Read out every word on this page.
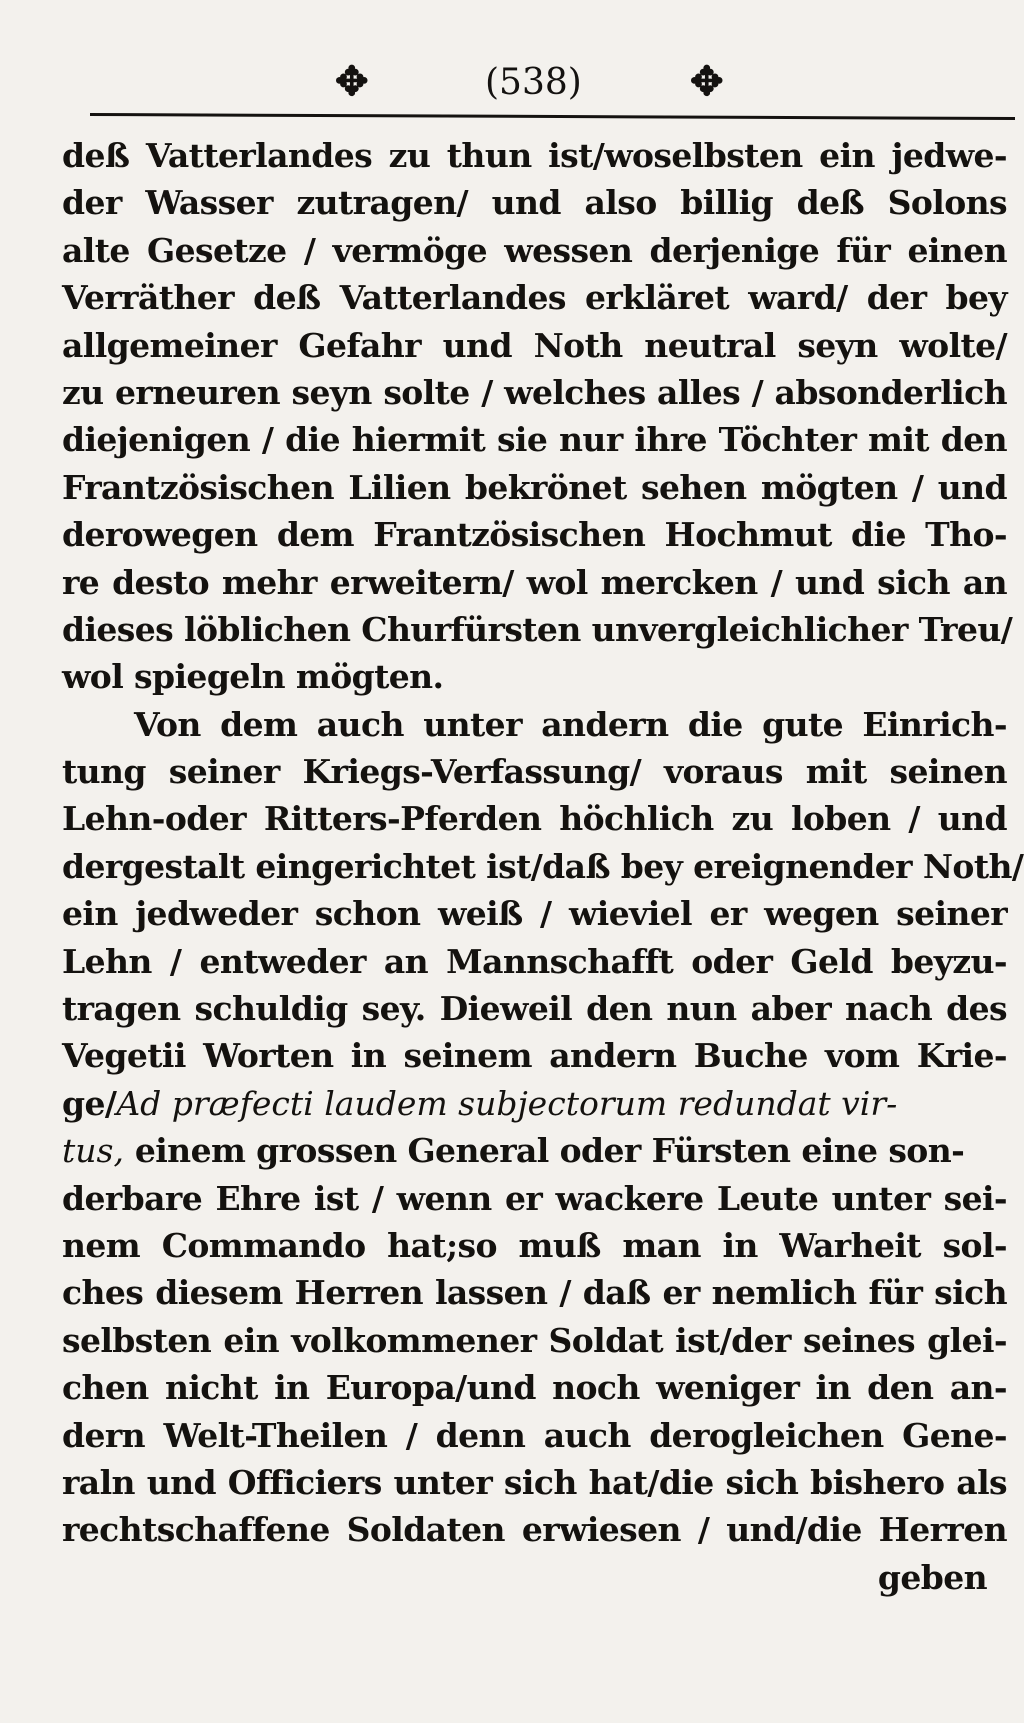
✥	(538)	✥
deß Vatterlandes zu thun ist/woselbsten ein jedwe-
der Wasser zutragen/ und also billig deß Solons
alte Gesetze / vermöge wessen derjenige für einen
Verräther deß Vatterlandes erkläret ward/ der bey
allgemeiner Gefahr und Noth neutral seyn wolte/
zu erneuren seyn solte / welches alles / absonderlich
diejenigen / die hiermit sie nur ihre Töchter mit den
Frantzösischen Lilien bekrönet sehen mögten / und
derowegen dem Frantzösischen Hochmut die Tho-
re desto mehr erweitern/ wol mercken / und sich an
dieses löblichen Churfürsten unvergleichlicher Treu/
wol spiegeln mögten.
Von dem auch unter andern die gute Einrich-
tung seiner Kriegs-Verfassung/ voraus mit seinen
Lehn-oder Ritters-Pferden höchlich zu loben / und
dergestalt eingerichtet ist/daß bey ereignender Noth/
ein jedweder schon weiß / wieviel er wegen seiner
Lehn / entweder an Mannschafft oder Geld beyzu-
tragen schuldig sey. Dieweil den nun aber nach des
Vegetii Worten in seinem andern Buche vom Krie-
ge/Ad præfecti laudem subjectorum redundat vir-
tus, einem grossen General oder Fürsten eine son-
derbare Ehre ist / wenn er wackere Leute unter sei-
nem Commando hat;so muß man in Warheit sol-
ches diesem Herren lassen / daß er nemlich für sich
selbsten ein volkommener Soldat ist/der seines glei-
chen nicht in Europa/und noch weniger in den an-
dern Welt-Theilen / denn auch derogleichen Gene-
raln und Officiers unter sich hat/die sich bishero als
rechtschaffene Soldaten erwiesen / und/die Herren
geben
